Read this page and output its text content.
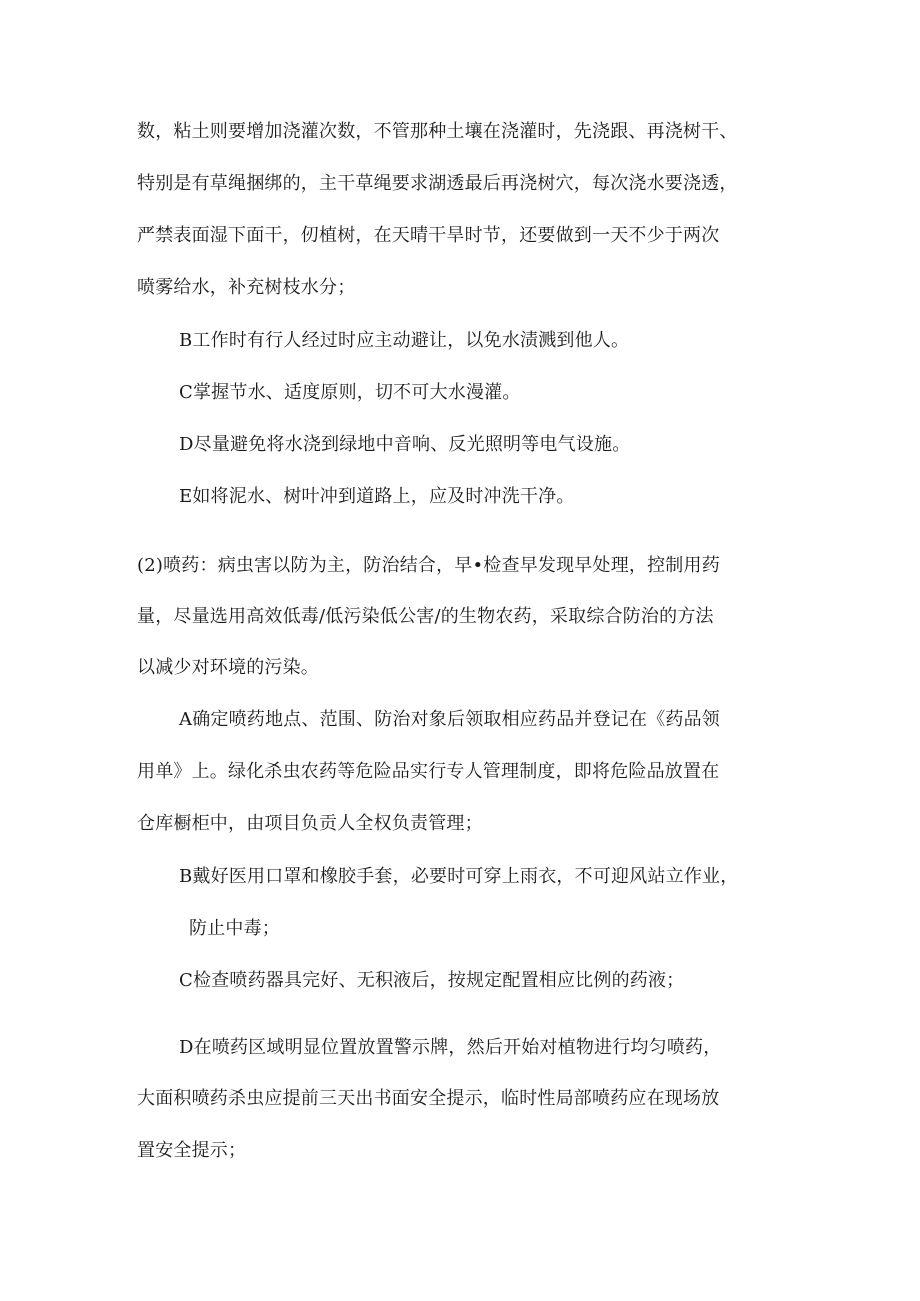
数，粘土则要增加浇灌次数，不管那种土壤在浇灌时，先浇跟、再浇树干、
特别是有草绳捆绑的，主干草绳要求湖透最后再浇树穴，每次浇水要浇透，
严禁表面湿下面干，仞植树，在天晴干旱时节，还要做到一天不少于两次
喷雾给水，补充树枝水分；
B工作时有行人经过时应主动避让，以免水渍溅到他人。
C掌握节水、适度原则，切不可大水漫灌。
D尽量避免将水浇到绿地中音响、反光照明等电气设施。
E如将泥水、树叶冲到道路上，应及时冲洗干净。
(2)喷药：病虫害以防为主，防治结合，早•检查早发现早处理，控制用药
量，尽量选用高效低毒/低污染低公害/的生物农药，采取综合防治的方法
以减少对环境的污染。
A确定喷药地点、范围、防治对象后领取相应药品并登记在《药品领
用单》上。绿化杀虫农药等危险品实行专人管理制度，即将危险品放置在
仓库橱柜中，由项目负贡人全权负责管理；
B戴好医用口罩和橡胶手套，必要时可穿上雨衣，不可迎风站立作业，
防止中毒；
C检查喷药器具完好、无积液后，按规定配置相应比例的药液；
D在喷药区域明显位置放置警示牌，然后开始对植物进行均匀喷药，
大面积喷药杀虫应提前三天出书面安全提示，临时性局部喷药应在现场放
置安全提示；
